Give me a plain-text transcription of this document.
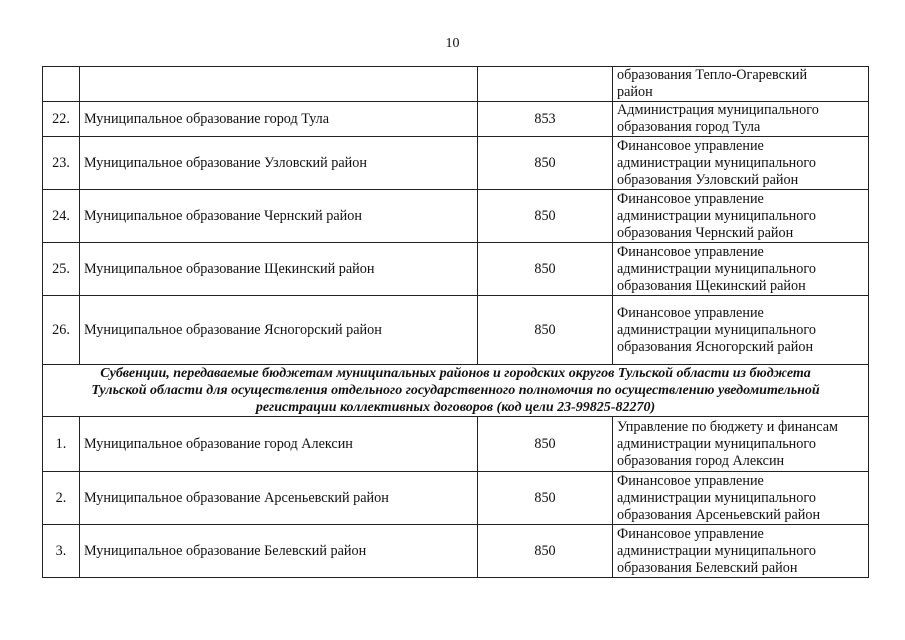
10

			образования Тепло-Огаревский
район

22.	Муниципальное образование город Тула	853	Администрация муниципального
образования город Тула

23.	Муниципальное образование Узловский район	850	Финансовое управление
администрации муниципального
образования Узловский район

24.	Муниципальное образование Чернский район	850	Финансовое управление
администрации муниципального
образования Чернский район

25.	Муниципальное образование Щекинский район	850	Финансовое управление
администрации муниципального
образования Щекинский район

26.	Муниципальное образование Ясногорский район	850	Финансовое управление
администрации муниципального
образования Ясногорский район

Субвенции, передаваемые бюджетам муниципальных районов и городских округов Тульской области из бюджета
Тульской области для осуществления отдельного государственного полномочия по осуществлению уведомительной
регистрации коллективных договоров (код цели 23-99825-82270)			

1.	Муниципальное образование город Алексин	850	Управление по бюджету и финансам
администрации муниципального
образования город Алексин

2.	Муниципальное образование Арсеньевский район	850	Финансовое управление
администрации муниципального
образования Арсеньевский район

3.	Муниципальное образование Белевский район	850	Финансовое управление
администрации муниципального
образования Белевский район
